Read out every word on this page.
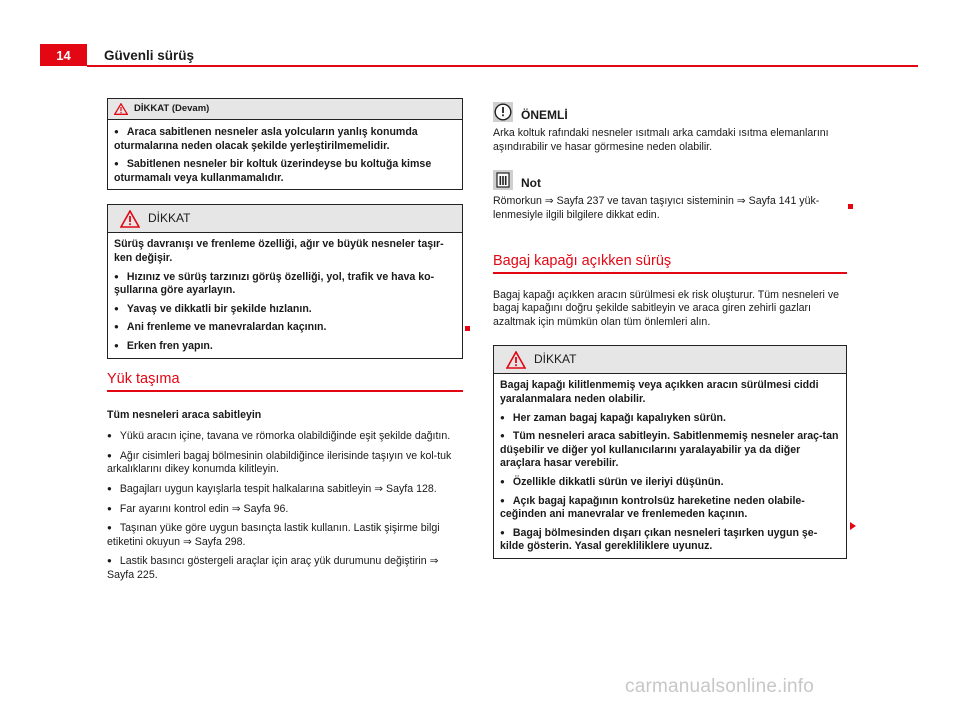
14	Güvenli sürüş
DİKKAT (Devam)

● Araca sabitlenen nesneler asla yolcuların yanlış konumda oturmalarına neden olacak şekilde yerleştirilmemelidir.

● Sabitlenen nesneler bir koltuk üzerindeyse bu koltuğa kimse oturmamalı veya kullanmamalıdır.

DİKKAT

Sürüş davranışı ve frenleme özelliği, ağır ve büyük nesneler taşır-ken değişir.

● Hızınız ve sürüş tarzınızı görüş özelliği, yol, trafik ve hava ko-şullarına göre ayarlayın.

● Yavaş ve dikkatli bir şekilde hızlanın.

● Ani frenleme ve manevralardan kaçının.

● Erken fren yapın.

Yük taşıma

Tüm nesneleri araca sabitleyin

● Yükü aracın içine, tavana ve römorka olabildiğinde eşit şekilde dağıtın.

● Ağır cisimleri bagaj bölmesinin olabildiğince ilerisinde taşıyın ve kol-tuk arkalıklarını dikey konumda kilitleyin.

● Bagajları uygun kayışlarla tespit halkalarına sabitleyin ⇒ Sayfa 128.

● Far ayarını kontrol edin ⇒ Sayfa 96.

● Taşınan yüke göre uygun basınçta lastik kullanın. Lastik şişirme bilgi etiketini okuyun ⇒ Sayfa 298.

● Lastik basıncı göstergeli araçlar için araç yük durumunu değiştirin ⇒ Sayfa 225.

ÖNEMLİ

Arka koltuk rafındaki nesneler ısıtmalı arka camdaki ısıtma elemanlarını aşındırabilir ve hasar görmesine neden olabilir.

Not

Römorkun ⇒ Sayfa 237 ve tavan taşıyıcı sisteminin ⇒ Sayfa 141 yük-lenmesiyle ilgili bilgilere dikkat edin.

Bagaj kapağı açıkken sürüş

Bagaj kapağı açıkken aracın sürülmesi ek risk oluşturur. Tüm nesneleri ve bagaj kapağını doğru şekilde sabitleyin ve araca giren zehirli gazları azaltmak için mümkün olan tüm önlemleri alın.

DİKKAT

Bagaj kapağı kilitlenmemiş veya açıkken aracın sürülmesi ciddi yaralanmalara neden olabilir.

● Her zaman bagaj kapağı kapalıyken sürün.

● Tüm nesneleri araca sabitleyin. Sabitlenmemiş nesneler araç-tan düşebilir ve diğer yol kullanıcılarını yaralayabilir ya da diğer araçlara hasar verebilir.

● Özellikle dikkatli sürün ve ileriyi düşünün.

● Açık bagaj kapağının kontrolsüz hareketine neden olabile-ceğinden ani manevralar ve frenlemeden kaçının.

● Bagaj bölmesinden dışarı çıkan nesneleri taşırken uygun şe-kilde gösterin. Yasal gerekliliklere uyunuz.

carmanualsonline.info
